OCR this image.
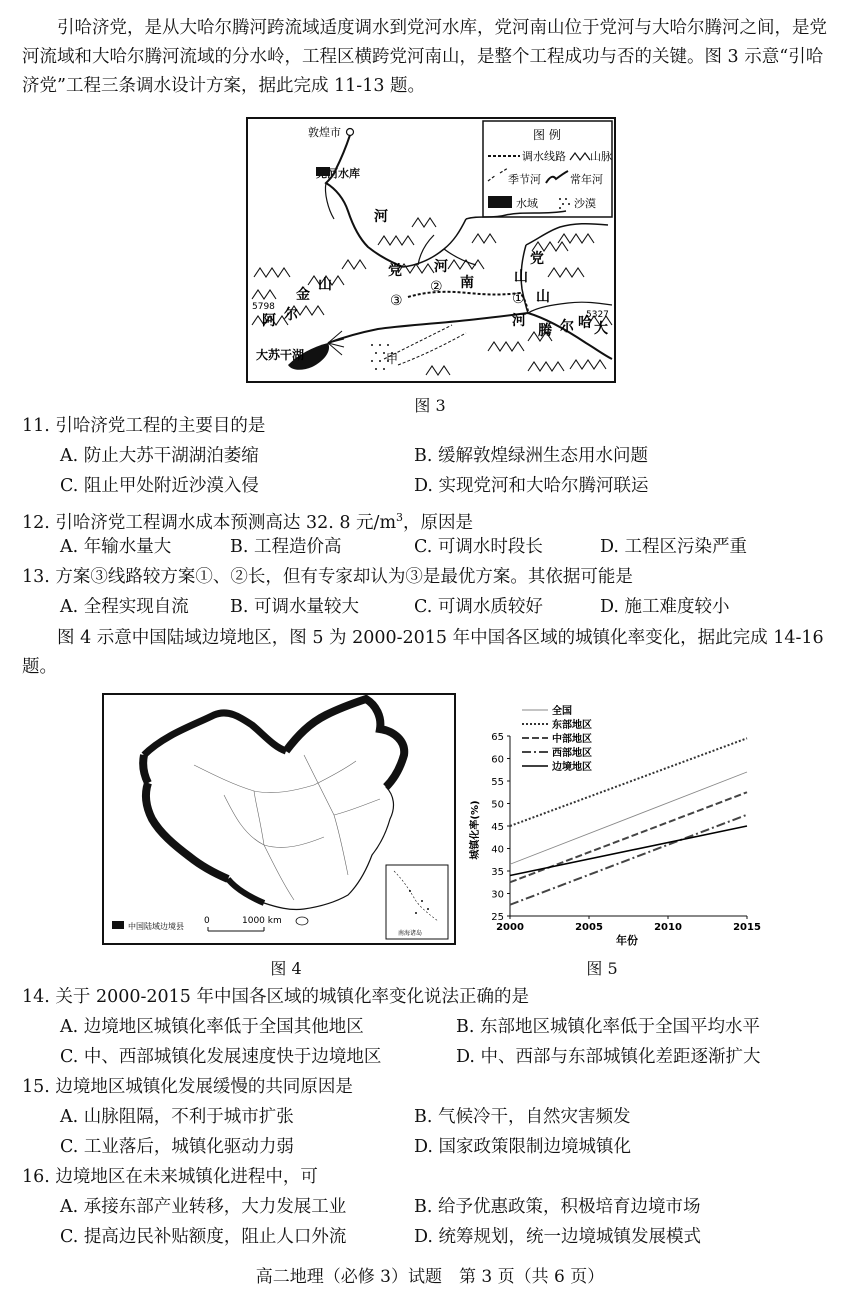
引哈济党，是从大哈尔腾河跨流域适度调水到党河水库，党河南山位于党河与大哈尔腾河之间，是党河流域和大哈尔腾河流域的分水岭，工程区横跨党河南山，是整个工程成功与否的关键。图 3 示意“引哈济党”工程三条调水设计方案，据此完成 11-13 题。

图 例
调水线路 山脉
季节河	常年河
水域	沙漠
敦煌市
党河水库
河
党 河
南	山
党
山
河
金
山
阿 尔
腾 尔 哈 大
大苏干湖	甲
①
②
③
5798
5327
图 3
11. 引哈济党工程的主要目的是
A. 防止大苏干湖湖泊萎缩	B. 缓解敦煌绿洲生态用水问题
C. 阻止甲处附近沙漠入侵	D. 实现党河和大哈尔腾河联运
12. 引哈济党工程调水成本预测高达 32. 8 元$/m^3$，原因是
A. 年输水量大	B. 工程造价高	C. 可调水时段长	D. 工程区污染严重
13. 方案③线路较方案①、②长，但有专家却认为③是最优方案。其依据可能是
A. 全程实现自流 B. 可调水量较大	C. 可调水质较好	D. 施工难度较小

图 4 示意中国陆域边境地区，图 5 为 2000-2015 年中国各区域的城镇化率变化，据此完成 14-16 题。

中国陆域边境县
0	1000 km
南海诸岛
图 4
25
30
35
40
45
50
55
60
65
2000	2005	2010	2015
全国
东部地区
中部地区
西部地区
边境地区
城镇化率(%)
年份
图 5
14. 关于 2000-2015 年中国各区域的城镇化率变化说法正确的是
A. 边境地区城镇化率低于全国其他地区	B. 东部地区城镇化率低于全国平均水平
C. 中、西部城镇化发展速度快于边境地区	D. 中、西部与东部城镇化差距逐渐扩大
15. 边境地区城镇化发展缓慢的共同原因是
A. 山脉阻隔，不利于城市扩张	B. 气候冷干，自然灾害频发
C. 工业落后，城镇化驱动力弱	D. 国家政策限制边境城镇化
16. 边境地区在未来城镇化进程中，可
A. 承接东部产业转移，大力发展工业	B. 给予优惠政策，积极培育边境市场
C. 提高边民补贴额度，阻止人口外流	D. 统筹规划，统一边境城镇发展模式
高二地理（必修 3）试题　第 3 页（共 6 页）
